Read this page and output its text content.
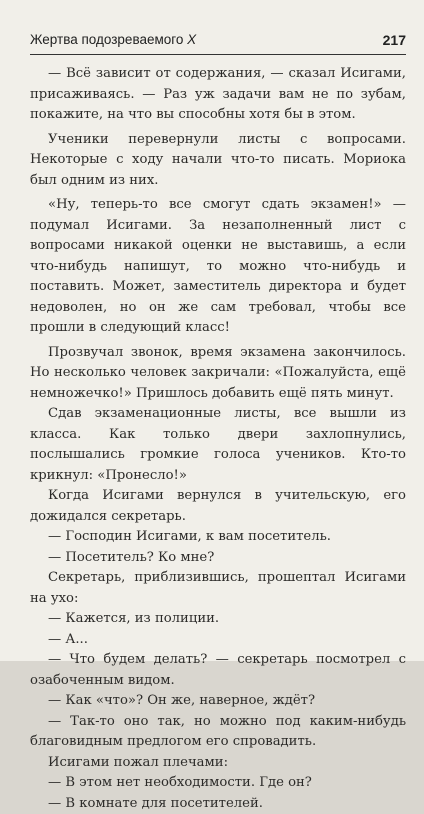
Жертва подозреваемого Х	217

— Всё зависит от содержания, — сказал Исигами, присаживаясь. — Раз уж задачи вам не по зубам, покажите, на что вы способны хотя бы в этом.

Ученики перевернули листы с вопросами. Некоторые с ходу начали что-то писать. Мориока был одним из них.

«Ну, теперь-то все смогут сдать экзамен!» — подумал Исигами. За незаполненный лист с вопросами никакой оценки не выставишь, а если что-нибудь напишут, то можно что-нибудь и поставить. Может, заместитель директора и будет недоволен, но он же сам требовал, чтобы все прошли в следующий класс!

Прозвучал звонок, время экзамена закончилось. Но несколько человек закричали: «Пожалуйста, ещё немножечко!» Пришлось добавить ещё пять минут.

Сдав экзаменационные листы, все вышли из класса. Как только двери захлопнулись, послышались громкие голоса учеников. Кто-то крикнул: «Пронесло!»

Когда Исигами вернулся в учительскую, его дожидался секретарь.

— Господин Исигами, к вам посетитель.

— Посетитель? Ко мне?

Секретарь, приблизившись, прошептал Исигами на ухо:

— Кажется, из полиции.

— А...

— Что будем делать? — секретарь посмотрел с озабоченным видом.

— Как «что»? Он же, наверное, ждёт?

— Так-то оно так, но можно под каким-нибудь благовидным предлогом его спровадить.

Исигами пожал плечами:

— В этом нет необходимости. Где он?

— В комнате для посетителей.
